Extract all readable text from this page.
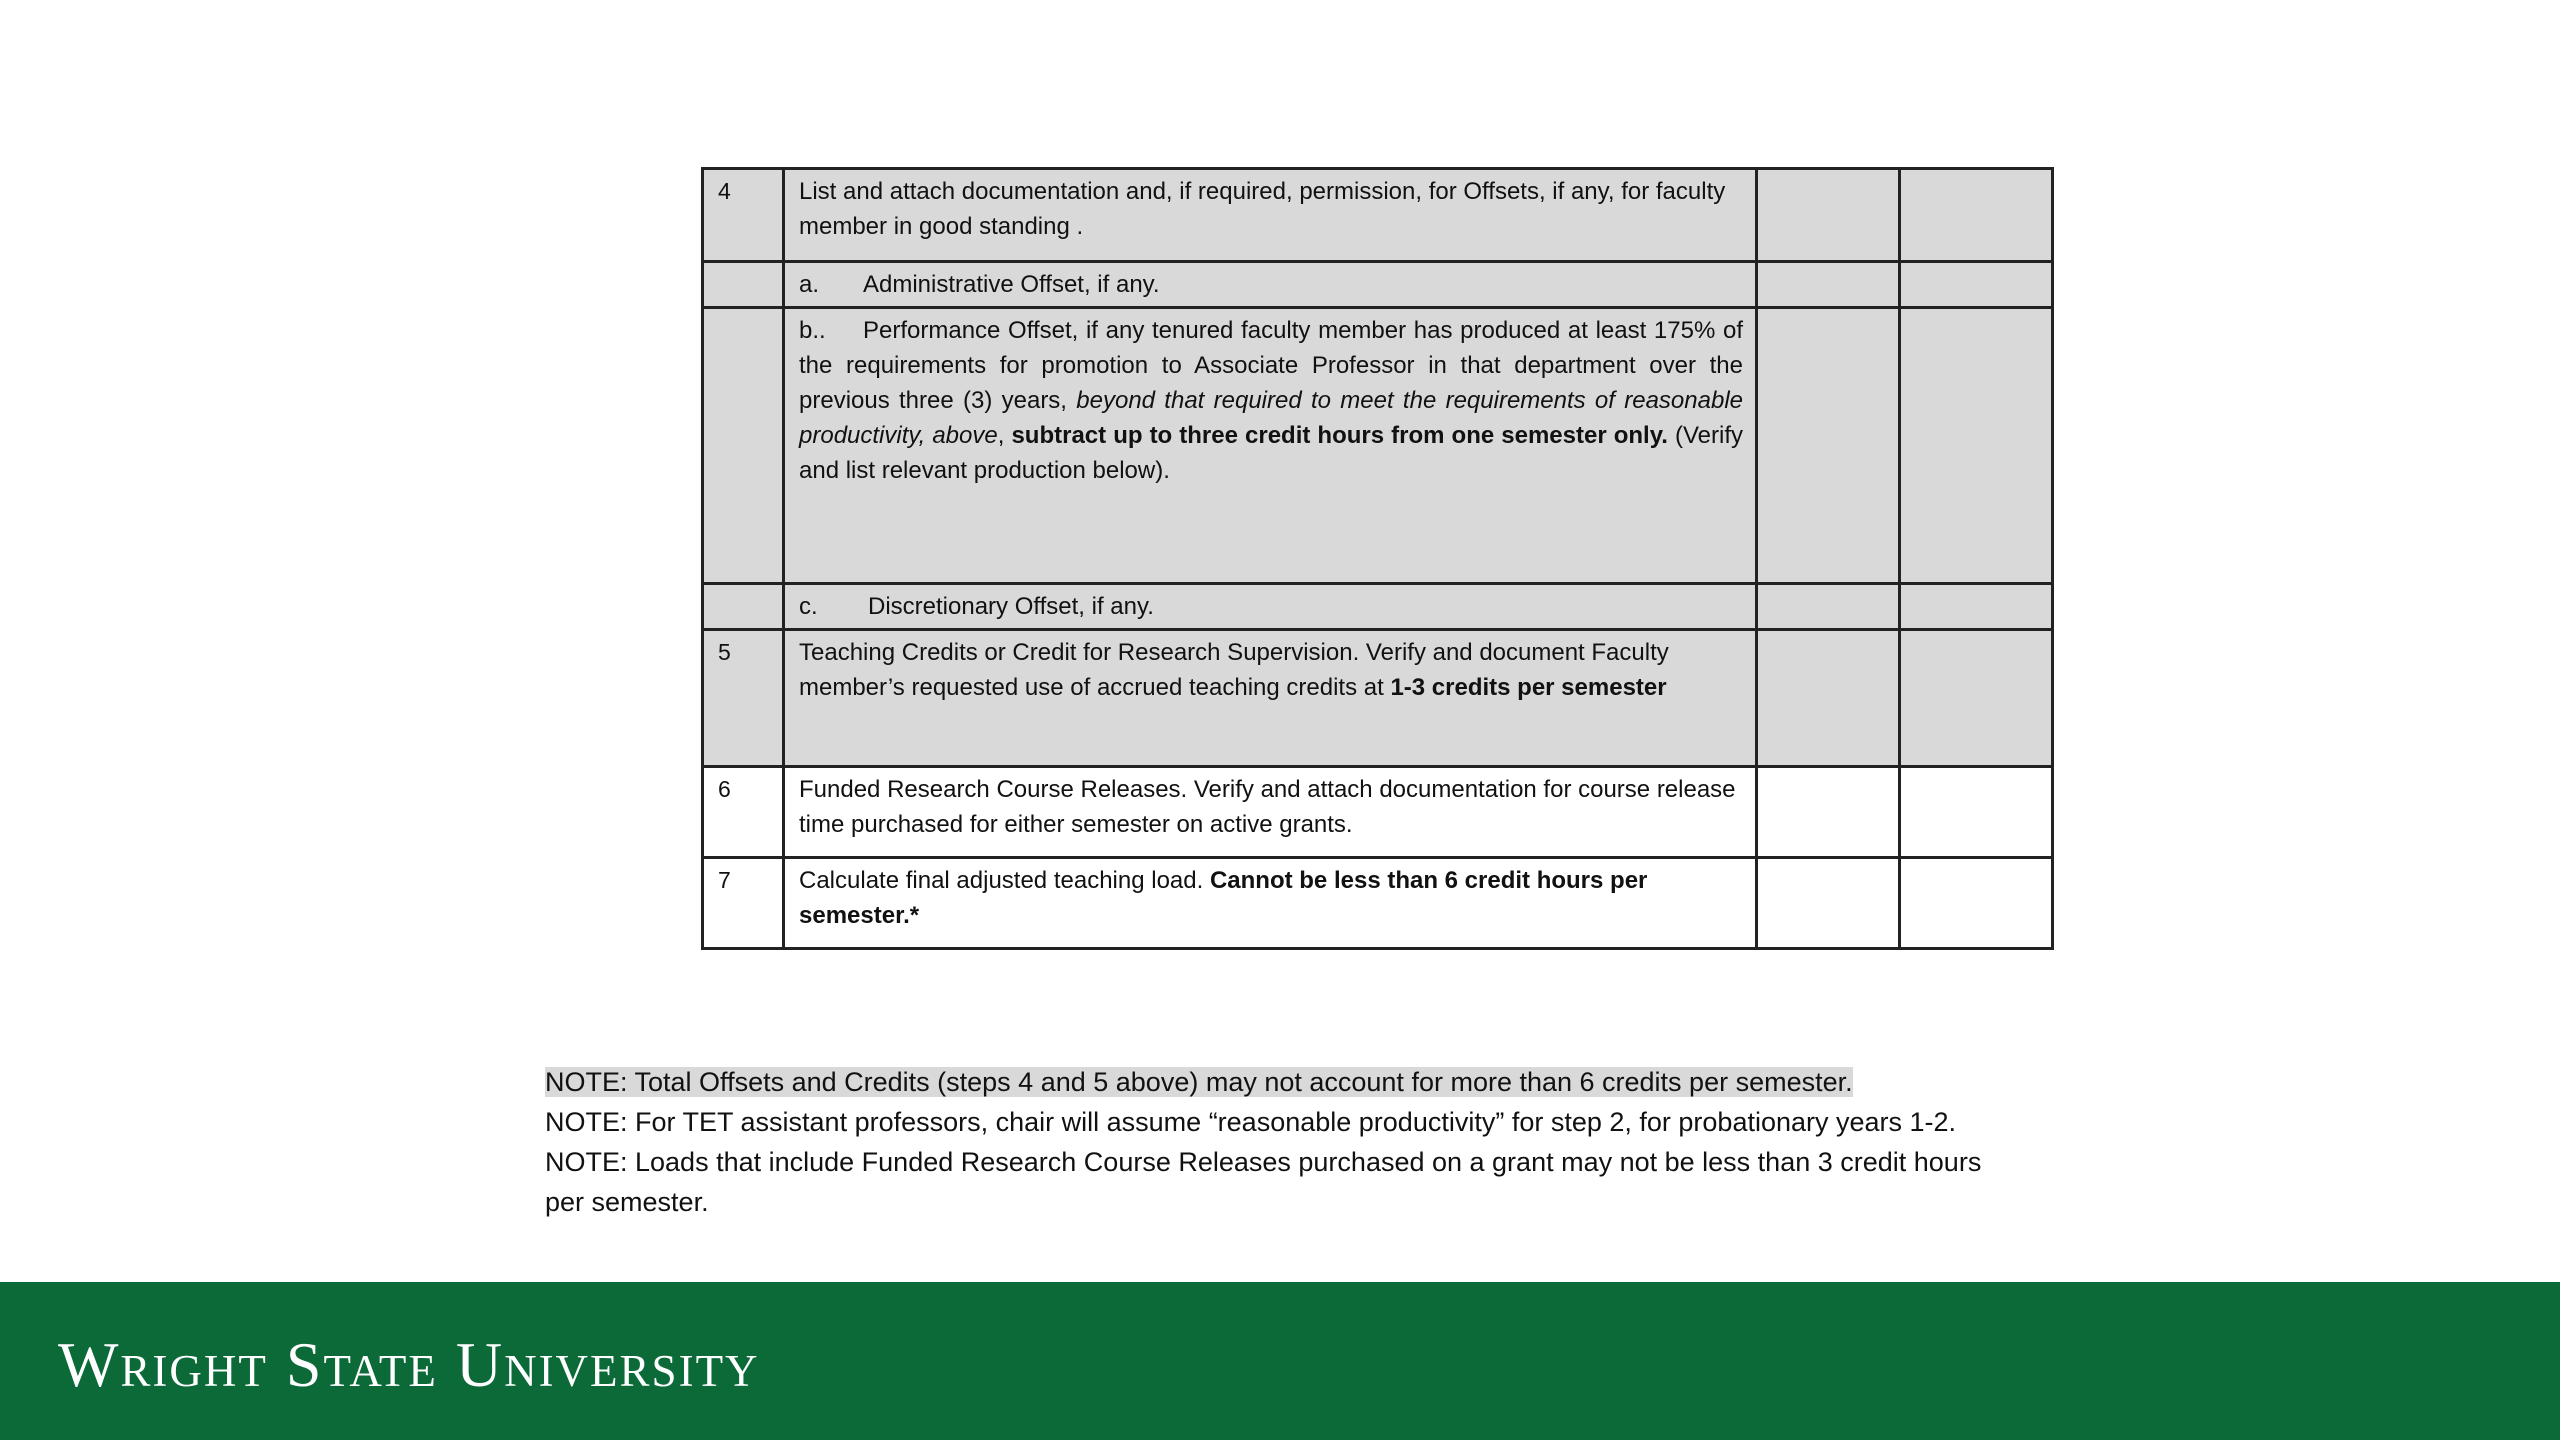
4	List and attach documentation and, if required, permission, for Offsets, if any, for faculty member in good standing .		
	a. Administrative Offset, if any.		
	b.. Performance Offset, if any tenured faculty member has produced at least 175% of the requirements for promotion to Associate Professor in that department over the previous three (3) years, beyond that required to meet the requirements of reasonable productivity, above, subtract up to three credit hours from one semester only. (Verify and list relevant production below).		
	c. Discretionary Offset, if any.		
5	Teaching Credits or Credit for Research Supervision. Verify and document Faculty member’s requested use of accrued teaching credits at 1-3 credits per semester		
6	Funded Research Course Releases. Verify and attach documentation for course release time purchased for either semester on active grants.		
7	Calculate final adjusted teaching load. Cannot be less than 6 credit hours per semester.*		

NOTE: Total Offsets and Credits (steps 4 and 5 above) may not account for more than 6 credits per semester.

NOTE: For TET assistant professors, chair will assume “reasonable productivity” for step 2, for probationary years 1-2.

NOTE: Loads that include Funded Research Course Releases purchased on a grant may not be less than 3 credit hours per semester.

Wright State University
